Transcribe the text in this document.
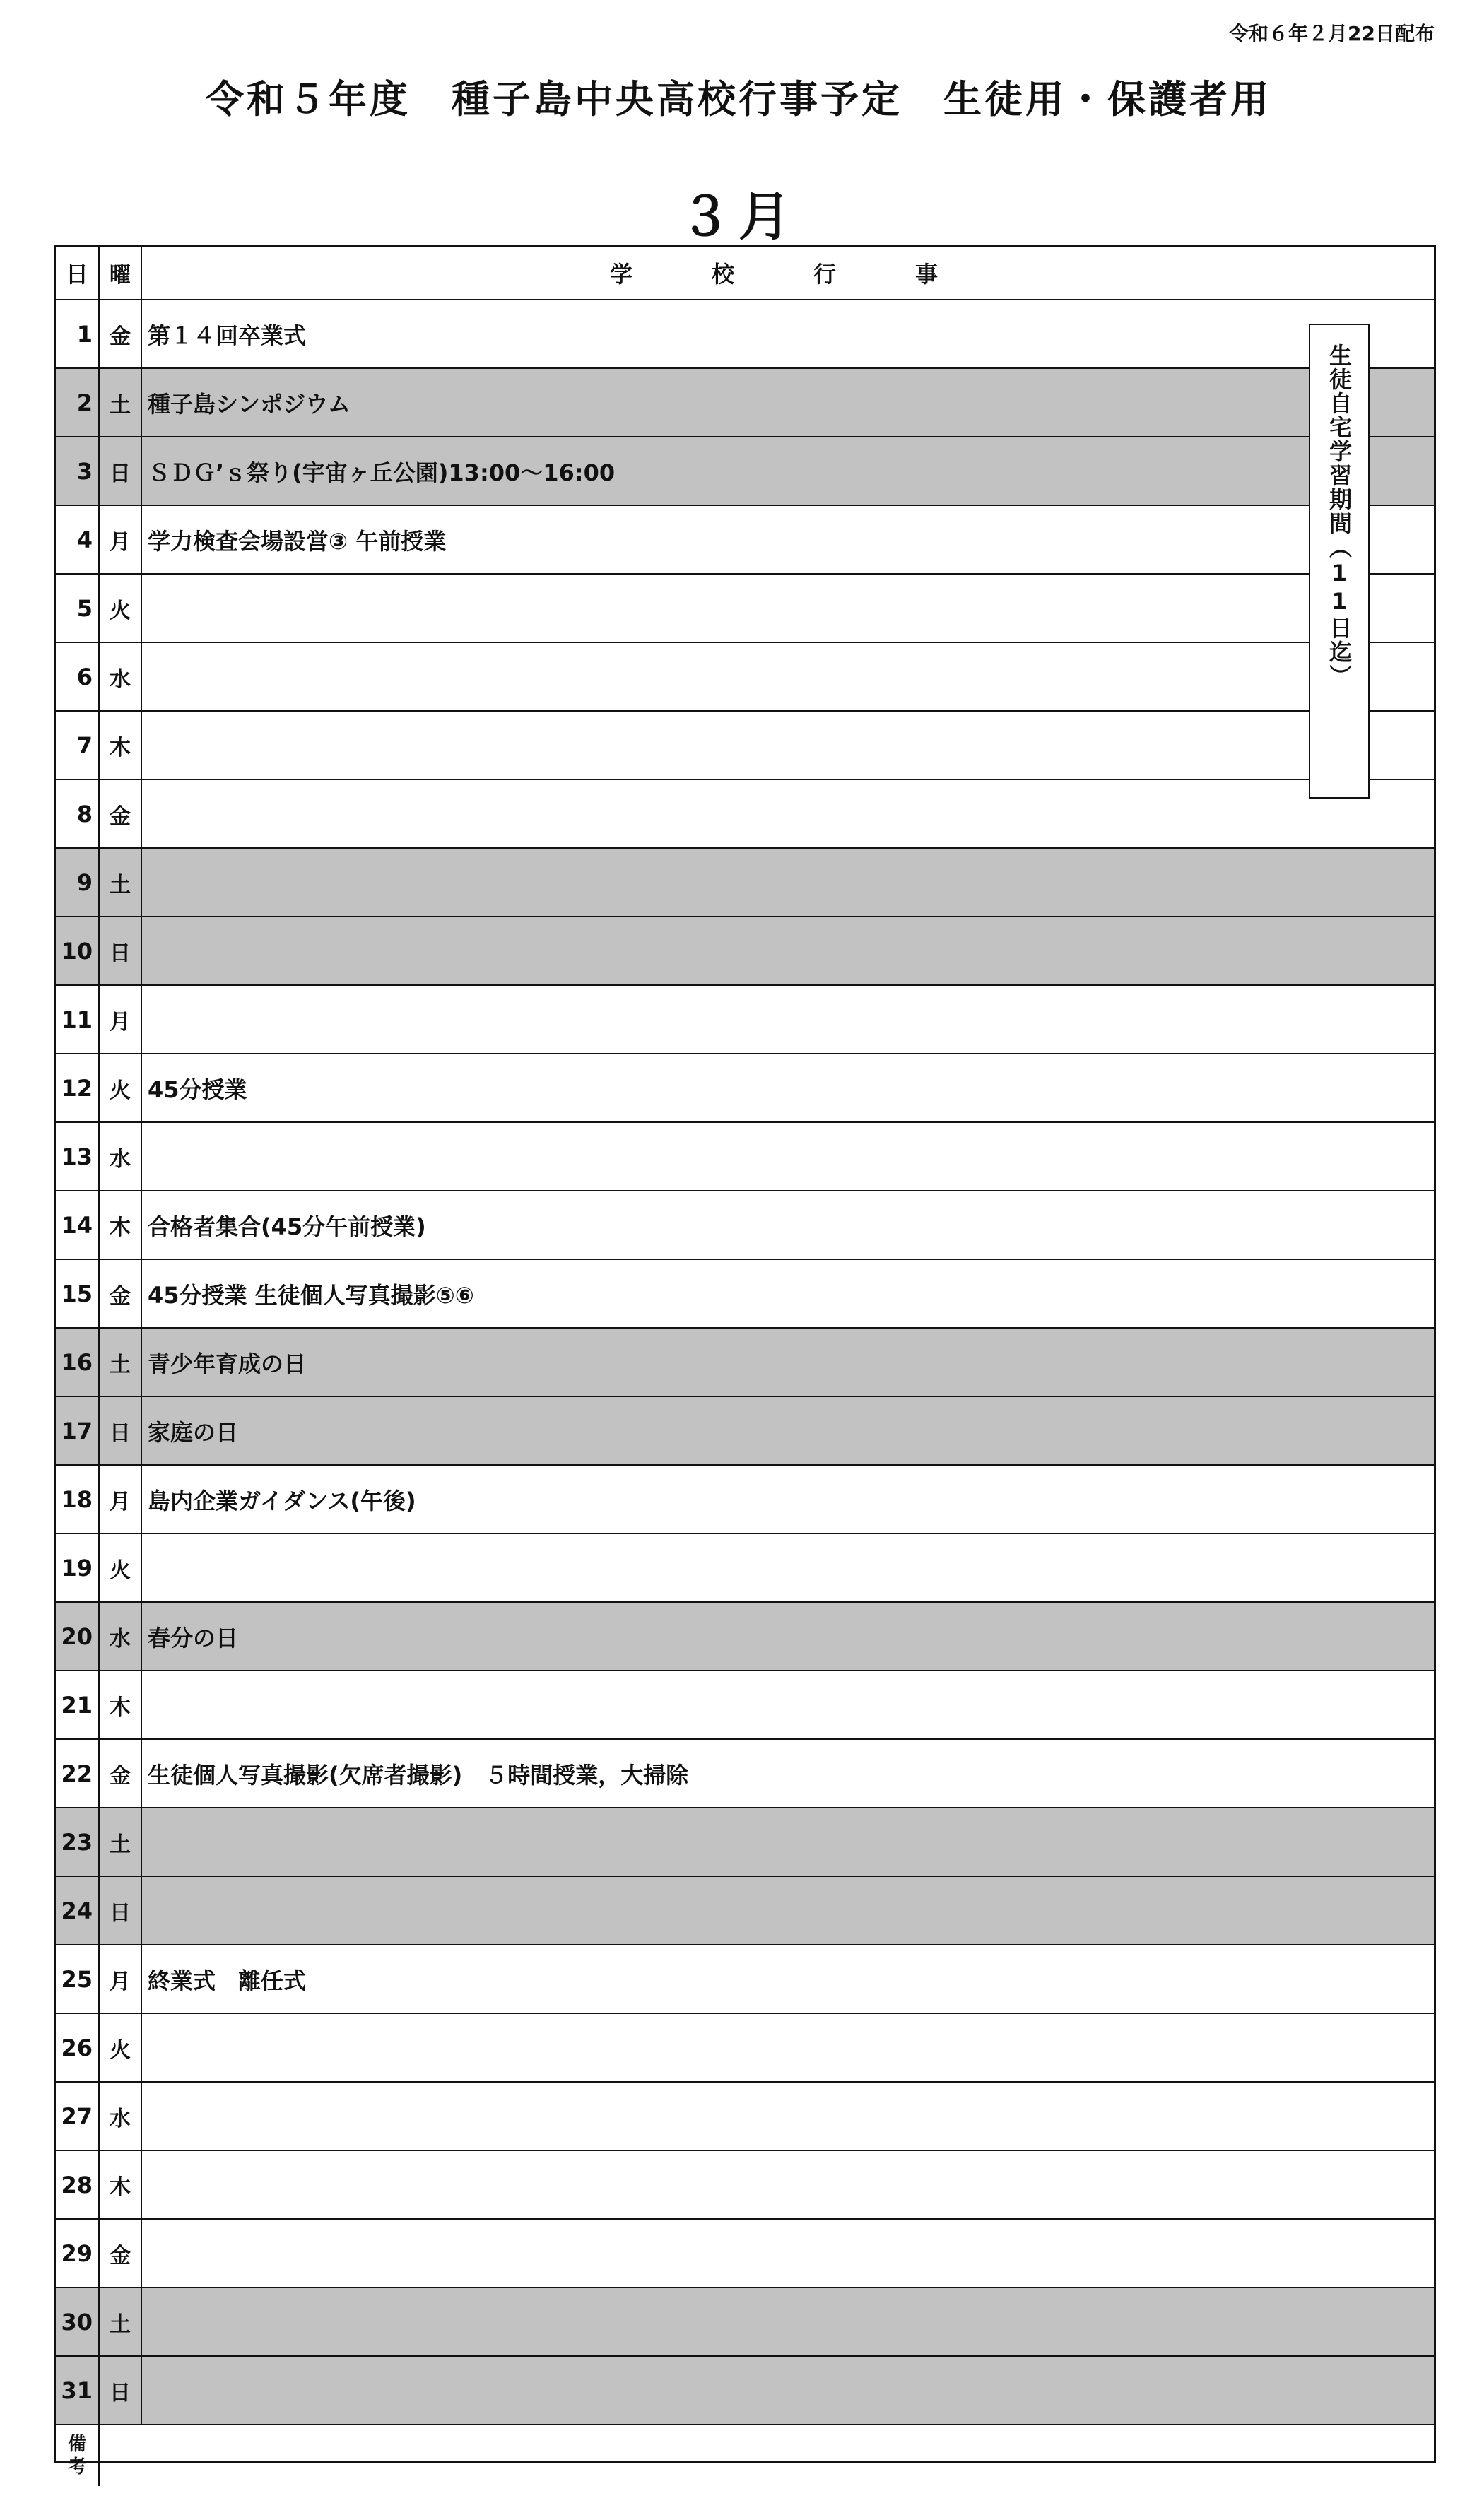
令和６年２月22日配布
令和５年度　種子島中央高校行事予定　生徒用・保護者用
３月
日	曜	学　校　行　事
1 金 第１４回卒業式
2 土 種子島シンポジウム
3 日 ＳＤＧ’ｓ祭り(宇宙ヶ丘公園)13:00～16:00
4 月 学力検査会場設営③ 午前授業
5 火
6 水
7 木
8 金
9 土
10 日
11 月
12 火 45分授業
13 水
14 木 合格者集合(45分午前授業)
15 金 45分授業 生徒個人写真撮影⑤⑥
16 土 青少年育成の日
17 日 家庭の日
18 月 島内企業ガイダンス(午後)
19 火
20 水 春分の日
21 木
22 金 生徒個人写真撮影(欠席者撮影)　５時間授業，大掃除
23 土
24 日
25 月 終業式　離任式
26 火
27 水
28 木
29 金
30 土
31 日
備
考
生徒自宅学習期間（11日迄）
